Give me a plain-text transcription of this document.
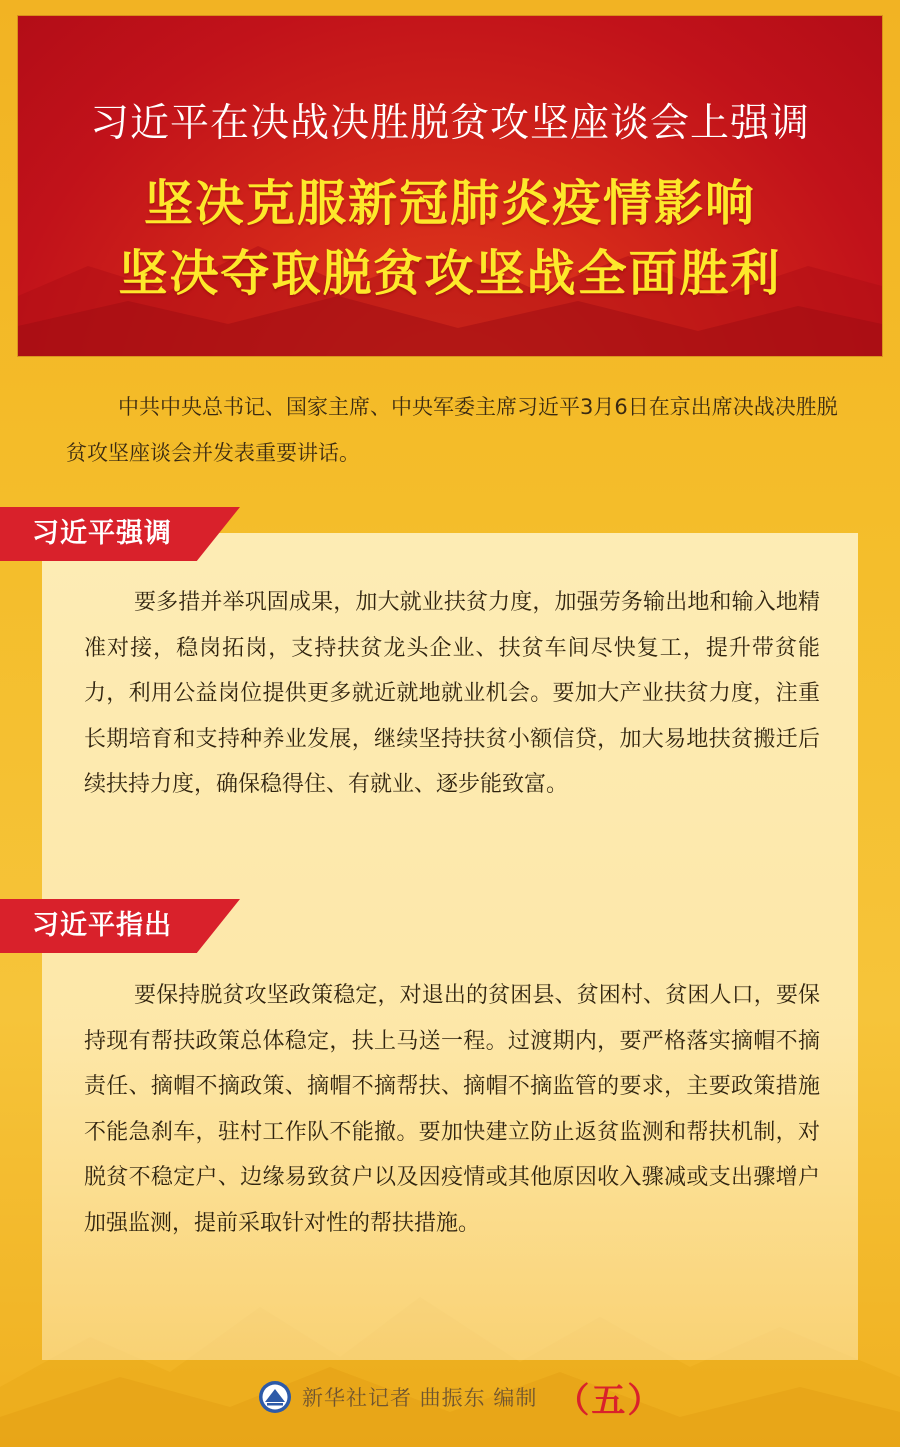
习近平在决战决胜脱贫攻坚座谈会上强调
坚决克服新冠肺炎疫情影响
坚决夺取脱贫攻坚战全面胜利
中共中央总书记、国家主席、中央军委主席习近平3月6日在京出席决战决胜脱贫攻坚座谈会并发表重要讲话。
习近平强调
要多措并举巩固成果，加大就业扶贫力度，加强劳务输出地和输入地精准对接，稳岗拓岗，支持扶贫龙头企业、扶贫车间尽快复工，提升带贫能力，利用公益岗位提供更多就近就地就业机会。要加大产业扶贫力度，注重长期培育和支持种养业发展，继续坚持扶贫小额信贷，加大易地扶贫搬迁后续扶持力度，确保稳得住、有就业、逐步能致富。
习近平指出
要保持脱贫攻坚政策稳定，对退出的贫困县、贫困村、贫困人口，要保持现有帮扶政策总体稳定，扶上马送一程。过渡期内，要严格落实摘帽不摘责任、摘帽不摘政策、摘帽不摘帮扶、摘帽不摘监管的要求，主要政策措施不能急刹车，驻村工作队不能撤。要加快建立防止返贫监测和帮扶机制，对脱贫不稳定户、边缘易致贫户以及因疫情或其他原因收入骤减或支出骤增户加强监测，提前采取针对性的帮扶措施。
新华社记者 曲振东 编制 （五）
